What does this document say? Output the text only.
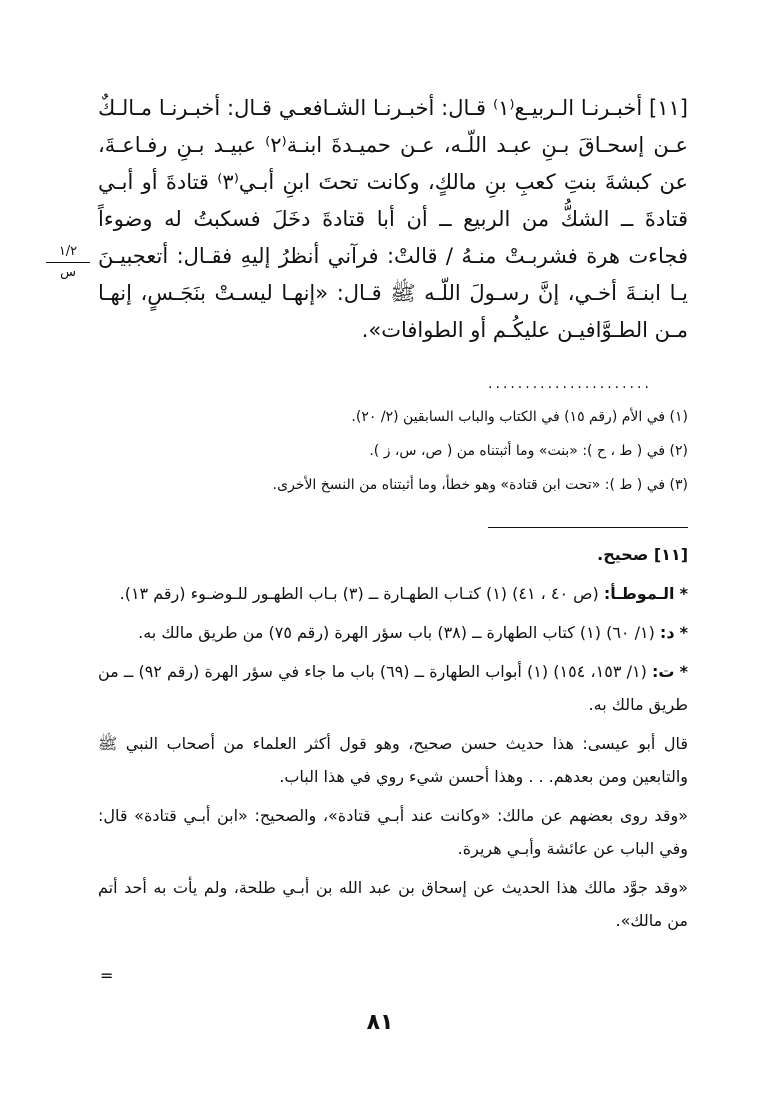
[١١] أخبـرنـا الـربيـع⁽١⁾ قـال: أخبـرنـا الشـافعـي قـال: أخبـرنـا مـالـكٌ عـن إسحـاقَ بـنِ عبـد اللّـه، عـن حميـدةَ ابنـة⁽٢⁾ عبيـد بـنِ رفـاعـةَ، عن كبشةَ بنتِ كعبِ بنِ مالكٍ، وكانت تحتَ ابنِ أبـي⁽٣⁾ قتادةَ أو أبـي قتادةَ ــ الشكُّ من الربيع ــ أن أبا قتادةَ دخَلَ فسكبتُ له وضوءاً فجاءت هرة فشربـتْ منـهُ / قالتْ: فرآني أنظرُ إليهِ فقـال: أتعجبيـنَ يـا ابنـةَ أخـي، إنَّ رسـولَ اللّـه ﷺ قـال: «إنهـا ليسـتْ بنَجَـسٍ، إنهـا مـن الطـوَّافيـن عليكُـم أو الطوافات».

١/٢
س
......................

(١) في الأم (رقم ١٥) في الكتاب والباب السابقين (٢/ ٢٠).

(٢) في ( ط ، ح ): «بنت» وما أثبتناه من ( ص، س، ز ).

(٣) في ( ط ): «تحت ابن قتادة» وهو خطأ، وما أثبتناه من النسخ الأخرى.

[١١] صحيح.

* الـموطـأ: (ص ٤٠ ، ٤١) (١) كتـاب الطهـارة ــ (٣) بـاب الطهـور للـوضـوء (رقم ١٣).

* د: (١/ ٦٠) (١) كتاب الطهارة ــ (٣٨) باب سؤر الهرة (رقم ٧٥) من طريق مالك به.

* ت: (١/ ١٥٣، ١٥٤) (١) أبواب الطهارة ــ (٦٩) باب ما جاء في سؤر الهرة (رقم ٩٢) ــ من طريق مالك به.

قال أبو عيسى: هذا حديث حسن صحيح، وهو قول أكثر العلماء من أصحاب النبي ﷺ والتابعين ومن بعدهم. . . وهذا أحسن شيء روي في هذا الباب.

«وقد روى بعضهم عن مالك: «وكانت عند أبـي قتادة»، والصحيح: «ابن أبـي قتادة» قال: وفي الباب عن عائشة وأبـي هريرة.

«وقد جوَّد مالك هذا الحديث عن إسحاق بن عبد الله بن أبـي طلحة، ولم يأت به أحد أتم من مالك».

=
٨١
